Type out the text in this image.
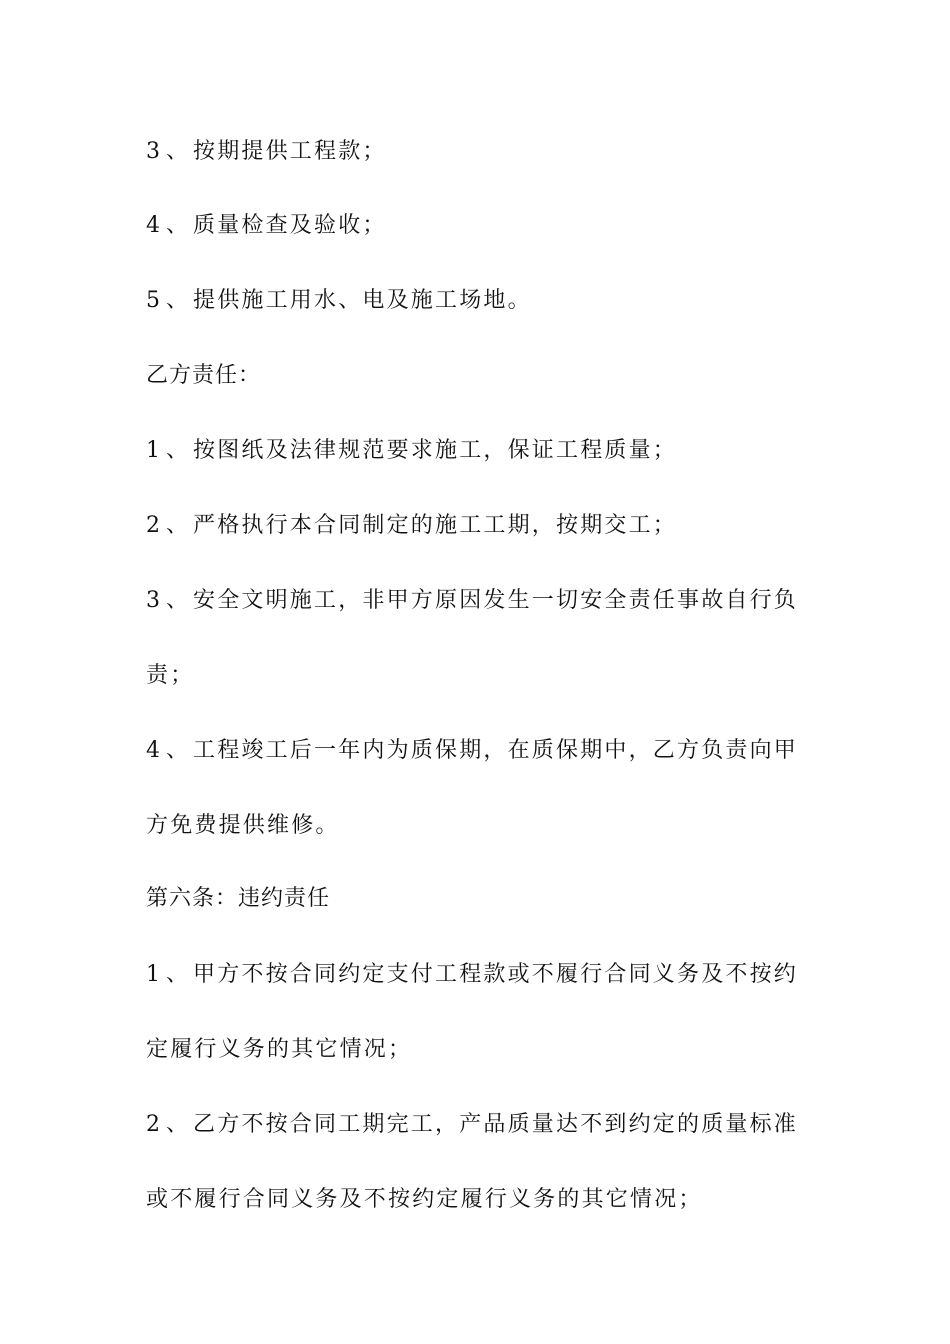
3、按期提供工程款；
4、质量检查及验收；
5、提供施工用水、电及施工场地。
乙方责任：
1、按图纸及法律规范要求施工，保证工程质量；
2、严格执行本合同制定的施工工期，按期交工；
3、安全文明施工，非甲方原因发生一切安全责任事故自行负
责；
4、工程竣工后一年内为质保期，在质保期中，乙方负责向甲
方免费提供维修。
第六条：违约责任
1、甲方不按合同约定支付工程款或不履行合同义务及不按约
定履行义务的其它情况；
2、乙方不按合同工期完工，产品质量达不到约定的质量标准
或不履行合同义务及不按约定履行义务的其它情况；
